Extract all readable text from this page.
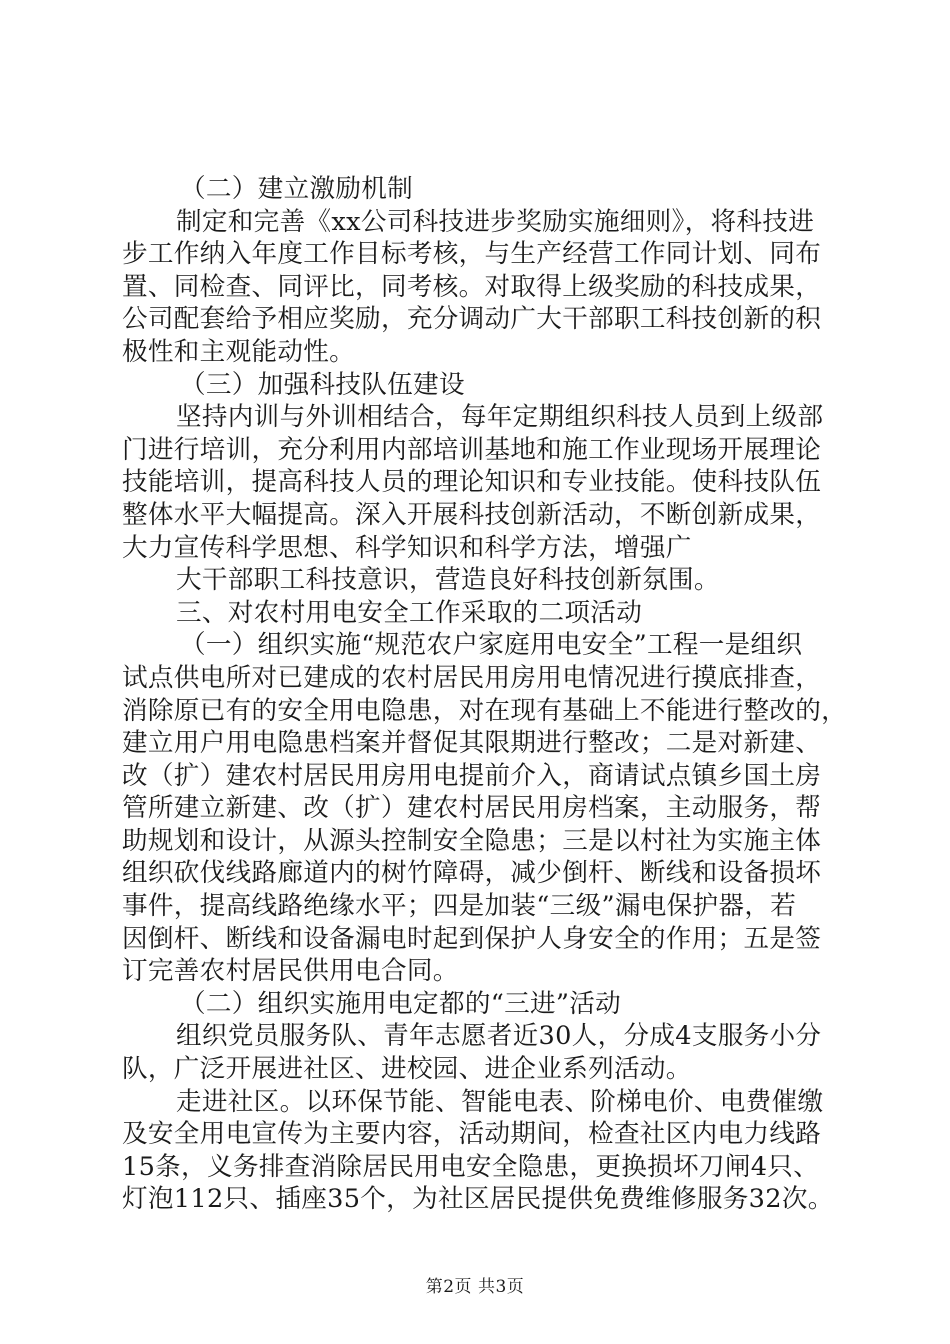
（二）建立激励机制
制定和完善《xx公司科技进步奖励实施细则》，将科技进
步工作纳入年度工作目标考核，与生产经营工作同计划、同布
置、同检查、同评比，同考核。对取得上级奖励的科技成果，
公司配套给予相应奖励，充分调动广大干部职工科技创新的积
极性和主观能动性。
（三）加强科技队伍建设
坚持内训与外训相结合，每年定期组织科技人员到上级部
门进行培训，充分利用内部培训基地和施工作业现场开展理论
技能培训，提高科技人员的理论知识和专业技能。使科技队伍
整体水平大幅提高。深入开展科技创新活动，不断创新成果，
大力宣传科学思想、科学知识和科学方法，增强广
大干部职工科技意识，营造良好科技创新氛围。
三、对农村用电安全工作采取的二项活动
（一）组织实施“规范农户家庭用电安全”工程一是组织
试点供电所对已建成的农村居民用房用电情况进行摸底排查，
消除原已有的安全用电隐患，对在现有基础上不能进行整改的，
建立用户用电隐患档案并督促其限期进行整改；二是对新建、
改（扩）建农村居民用房用电提前介入，商请试点镇乡国土房
管所建立新建、改（扩）建农村居民用房档案，主动服务，帮
助规划和设计，从源头控制安全隐患；三是以村社为实施主体
组织砍伐线路廊道内的树竹障碍，减少倒杆、断线和设备损坏
事件，提高线路绝缘水平；四是加装“三级”漏电保护器，若
因倒杆、断线和设备漏电时起到保护人身安全的作用；五是签
订完善农村居民供用电合同。
（二）组织实施用电定都的“三进”活动
组织党员服务队、青年志愿者近30人，分成4支服务小分
队，广泛开展进社区、进校园、进企业系列活动。
走进社区。以环保节能、智能电表、阶梯电价、电费催缴
及安全用电宣传为主要内容，活动期间，检查社区内电力线路
15条，义务排查消除居民用电安全隐患，更换损坏刀闸4只、
灯泡112只、插座35个，为社区居民提供免费维修服务32次。
第2页 共3页
